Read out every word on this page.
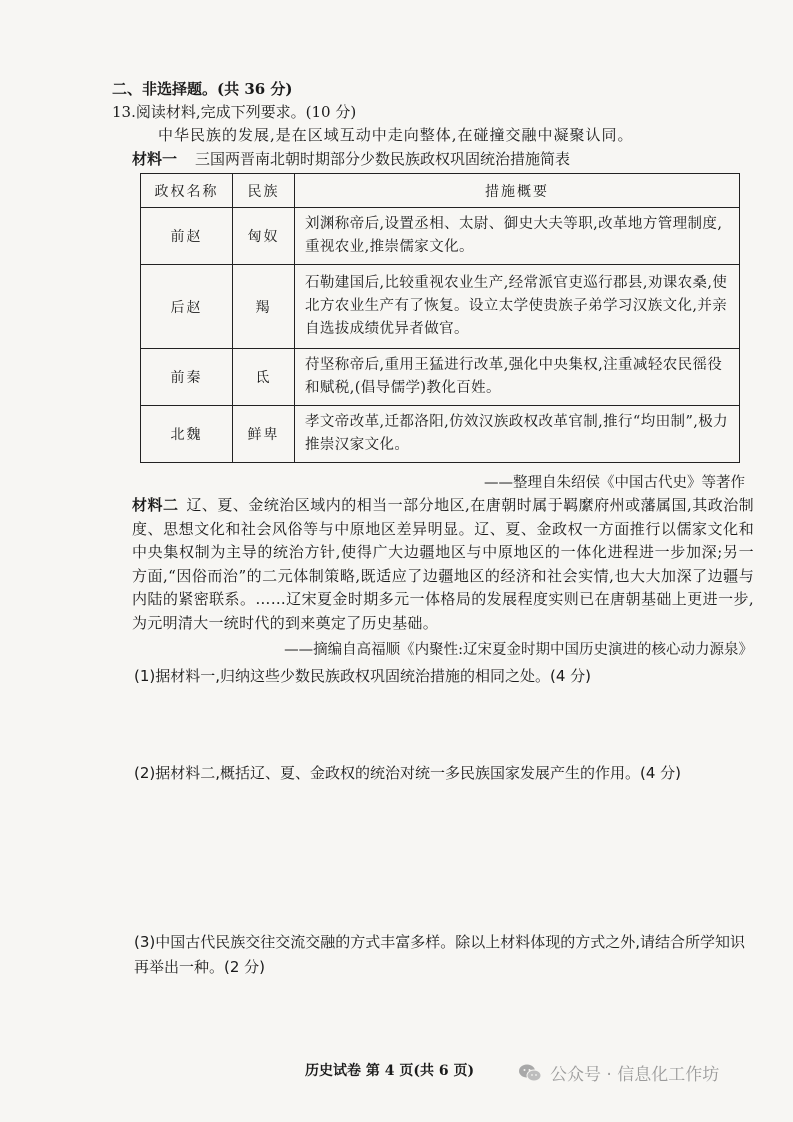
二、非选择题。(共 36 分)
13.阅读材料,完成下列要求。(10 分)
中华民族的发展,是在区域互动中走向整体,在碰撞交融中凝聚认同。
材料一 三国两晋南北朝时期部分少数民族政权巩固统治措施简表
政权名称	民族	措施概要
前赵	匈奴	刘渊称帝后,设置丞相、太尉、御史大夫等职,改革地方管理制度,重视农业,推崇儒家文化。
后赵	羯	石勒建国后,比较重视农业生产,经常派官吏巡行郡县,劝课农桑,使北方农业生产有了恢复。设立太学使贵族子弟学习汉族文化,并亲自选拔成绩优异者做官。
前秦	氐	苻坚称帝后,重用王猛进行改革,强化中央集权,注重减轻农民徭役和赋税,(倡导儒学)教化百姓。
北魏	鲜卑	孝文帝改革,迁都洛阳,仿效汉族政权改革官制,推行“均田制”,极力推崇汉家文化。
——整理自朱绍侯《中国古代史》等著作
材料二 辽、夏、金统治区域内的相当一部分地区,在唐朝时属于羁縻府州或藩属国,其政治制度、思想文化和社会风俗等与中原地区差异明显。辽、夏、金政权一方面推行以儒家文化和中央集权制为主导的统治方针,使得广大边疆地区与中原地区的一体化进程进一步加深;另一方面,“因俗而治”的二元体制策略,既适应了边疆地区的经济和社会实情,也大大加深了边疆与内陆的紧密联系。……辽宋夏金时期多元一体格局的发展程度实则已在唐朝基础上更进一步,为元明清大一统时代的到来奠定了历史基础。
——摘编自高福顺《内聚性:辽宋夏金时期中国历史演进的核心动力源泉》
(1)据材料一,归纳这些少数民族政权巩固统治措施的相同之处。(4 分)
(2)据材料二,概括辽、夏、金政权的统治对统一多民族国家发展产生的作用。(4 分)
(3)中国古代民族交往交流交融的方式丰富多样。除以上材料体现的方式之外,请结合所学知识再举出一种。(2 分)
历史试卷 第 4 页(共 6 页)	公众号 · 信息化工作坊
